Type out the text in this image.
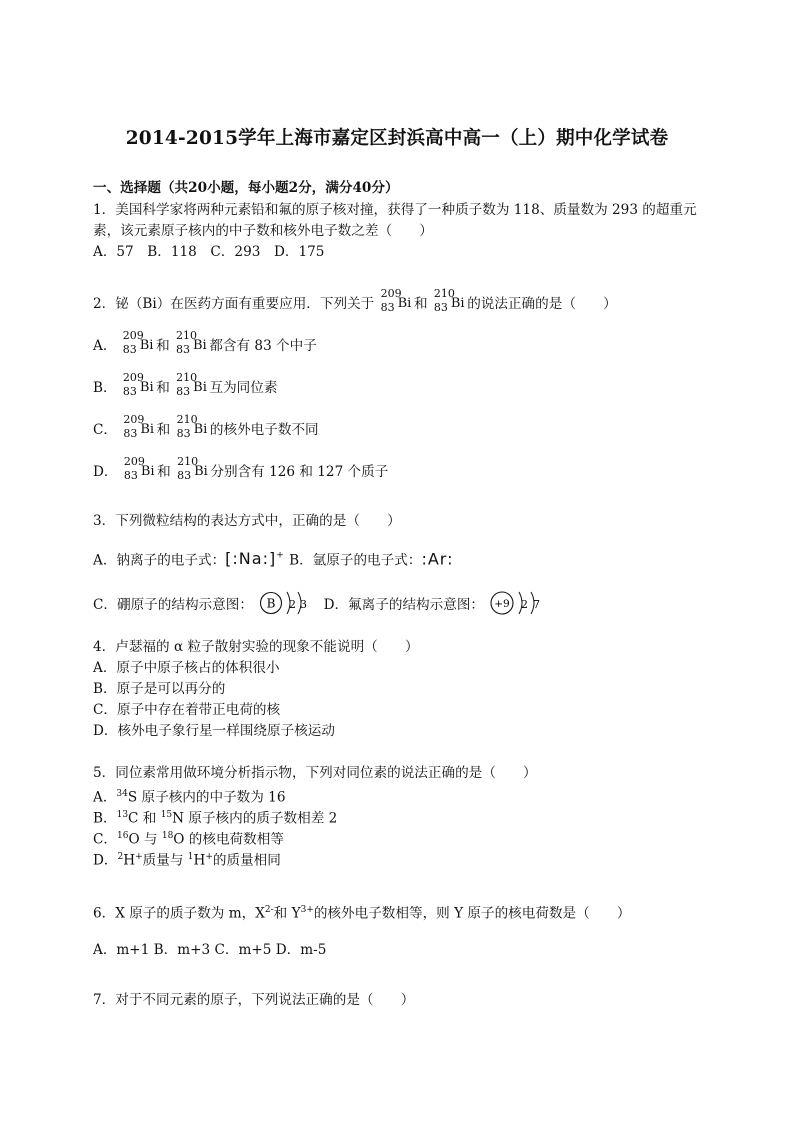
2014-2015学年上海市嘉定区封浜高中高一（上）期中化学试卷
一、选择题（共20小题，每小题2分，满分40分）
1．美国科学家将两种元素铅和氟的原子核对撞，获得了一种质子数为 118、质量数为 293 的超重元
素，该元素原子核内的中子数和核外电子数之差（　　）
A．57　B．118　C．293　D．175
2．铋（Bi）在医药方面有重要应用．下列关于
209
83 Bi 和
210
83 Bi 的说法正确的是（　　）
A．
209
83 Bi 和
210
83 Bi 都含有 83 个中子
B．
209
83 Bi 和
210
83 Bi 互为同位素
C．
209
83 Bi 和
210
83 Bi 的核外电子数不同
D．
209
83 Bi 和
210
83 Bi 分别含有 126 和 127 个质子
3．下列微粒结构的表达方式中，正确的是（　　）
A．钠离子的电子式：[:Na:]+ B．氩原子的电子式：:Ar:
C．硼原子的结构示意图： B 2 3 D．氟离子的结构示意图： +9 2 7
4．卢瑟福的 α 粒子散射实验的现象不能说明（　　）
A．原子中原子核占的体积很小
B．原子是可以再分的
C．原子中存在着带正电荷的核
D．核外电子象行星一样围绕原子核运动
5．同位素常用做环境分析指示物，下列对同位素的说法正确的是（　　）
A．$^{34}$S 原子核内的中子数为 16
B．$^{13}$C 和 $^{15}$N 原子核内的质子数相差 2
C．$^{16}$O 与 $^{18}$O 的核电荷数相等
D．$^2$H+质量与 $^1$H+的质量相同
6．X 原子的质子数为 m，$X^{2-}$和 $Y^{3+}$的核外电子数相等，则 Y 原子的核电荷数是（　　）
A．m+1 B．m+3 C．m+5 D．m-5
7．对于不同元素的原子，下列说法正确的是（　　）
